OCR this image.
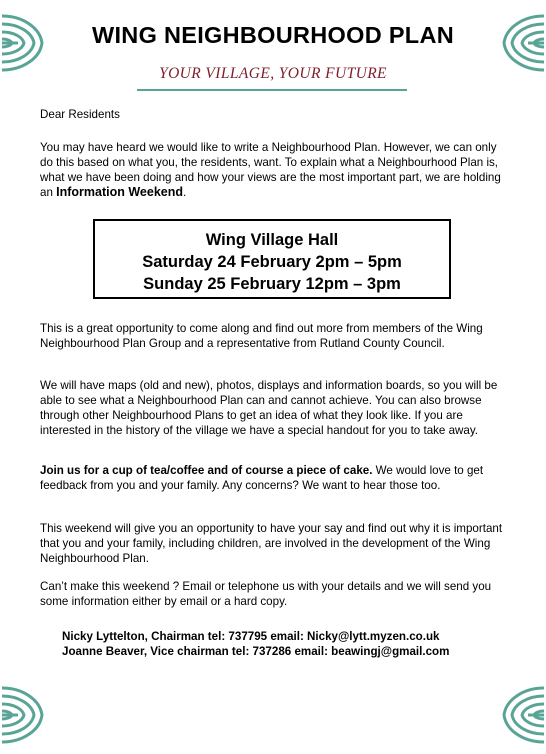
WING NEIGHBOURHOOD PLAN
YOUR VILLAGE, YOUR FUTURE

Dear Residents

You may have heard we would like to write a Neighbourhood Plan. However, we can only do this based on what you, the residents, want. To explain what a Neighbourhood Plan is, what we have been doing and how your views are the most important part, we are holding an Information Weekend.

Wing Village Hall
Saturday 24 February 2pm – 5pm
Sunday 25 February 12pm – 3pm

This is a great opportunity to come along and find out more from members of the Wing Neighbourhood Plan Group and a representative from Rutland County Council.

We will have maps (old and new), photos, displays and information boards, so you will be able to see what a Neighbourhood Plan can and cannot achieve. You can also browse through other Neighbourhood Plans to get an idea of what they look like. If you are interested in the history of the village we have a special handout for you to take away.

Join us for a cup of tea/coffee and of course a piece of cake. We would love to get feedback from you and your family. Any concerns? We want to hear those too.

This weekend will give you an opportunity to have your say and find out why it is important that you and your family, including children, are involved in the development of the Wing Neighbourhood Plan.

Can’t make this weekend ? Email or telephone us with your details and we will send you some information either by email or a hard copy.

Nicky Lyttelton, Chairman tel: 737795 email: Nicky@lytt.myzen.co.uk
Joanne Beaver, Vice chairman tel: 737286 email: beawingj@gmail.com
